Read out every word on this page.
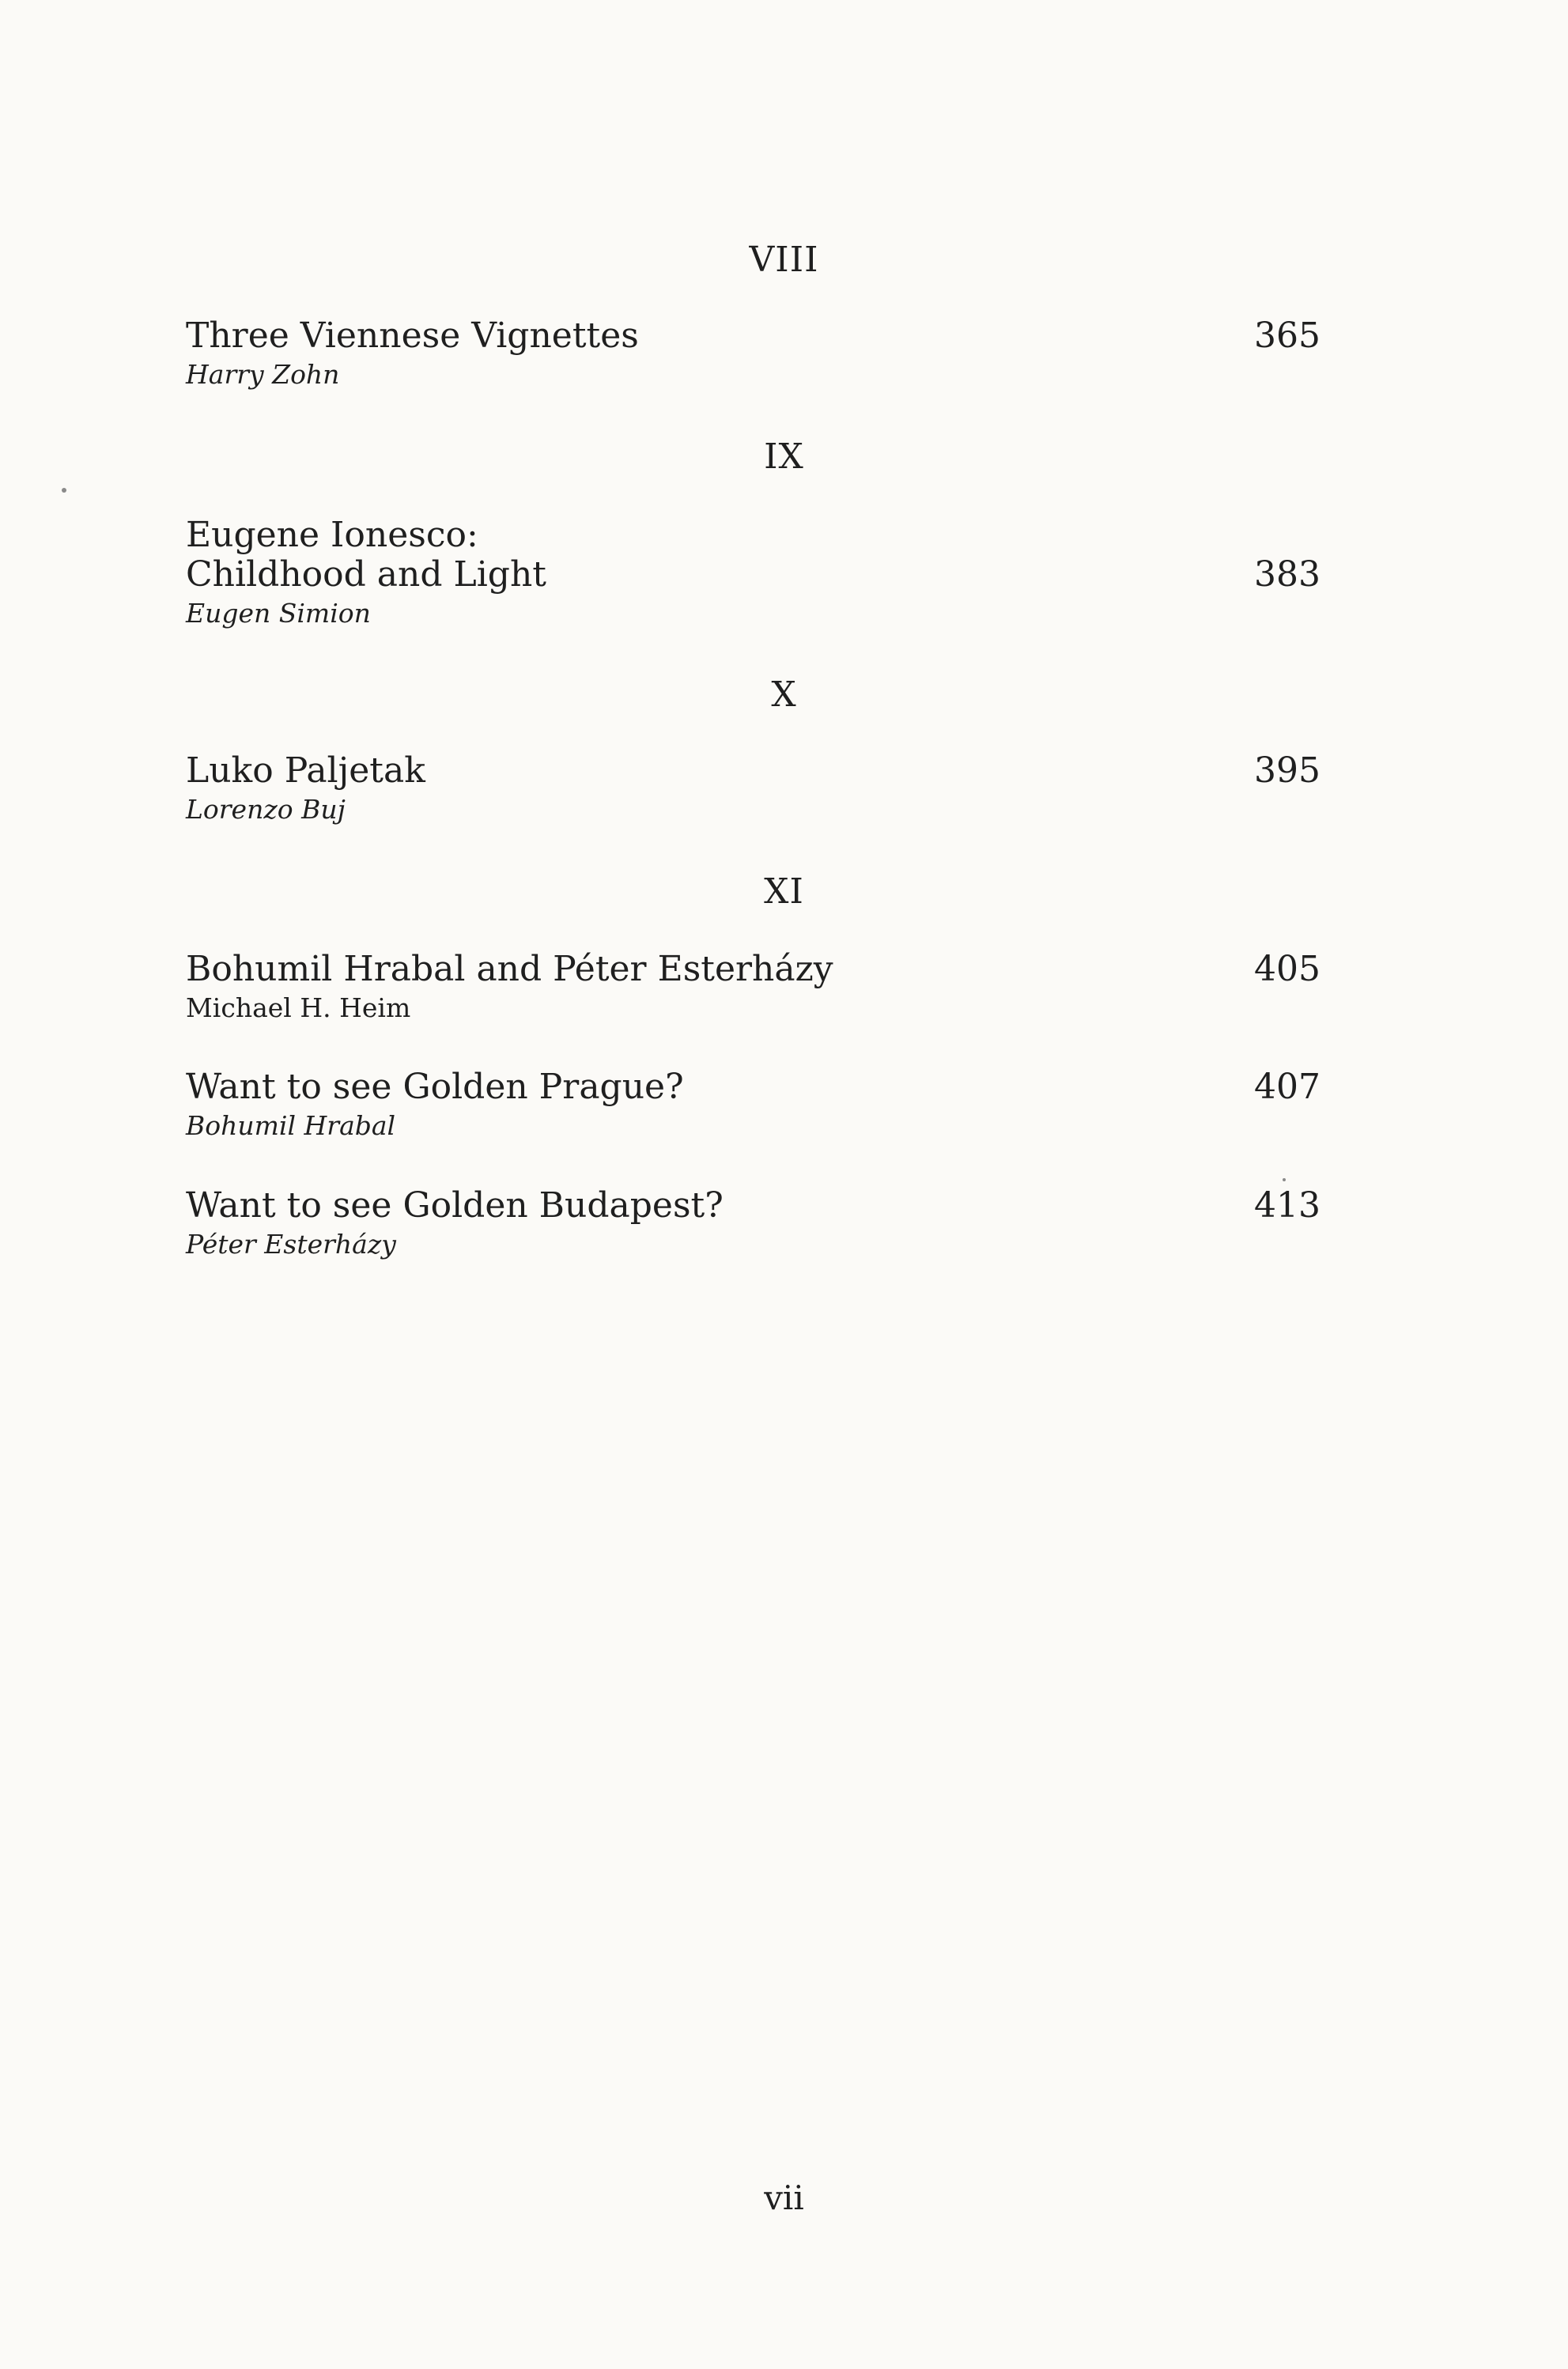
VIII
Three Viennese Vignettes
Harry Zohn
365
IX
Eugene Ionesco:
Childhood and Light
Eugen Simion
383
X
Luko Paljetak
Lorenzo Buj
395
XI
Bohumil Hrabal and Péter Esterházy
Michael H. Heim
405
Want to see Golden Prague?
Bohumil Hrabal
407
Want to see Golden Budapest?
Péter Esterházy
413
vii
